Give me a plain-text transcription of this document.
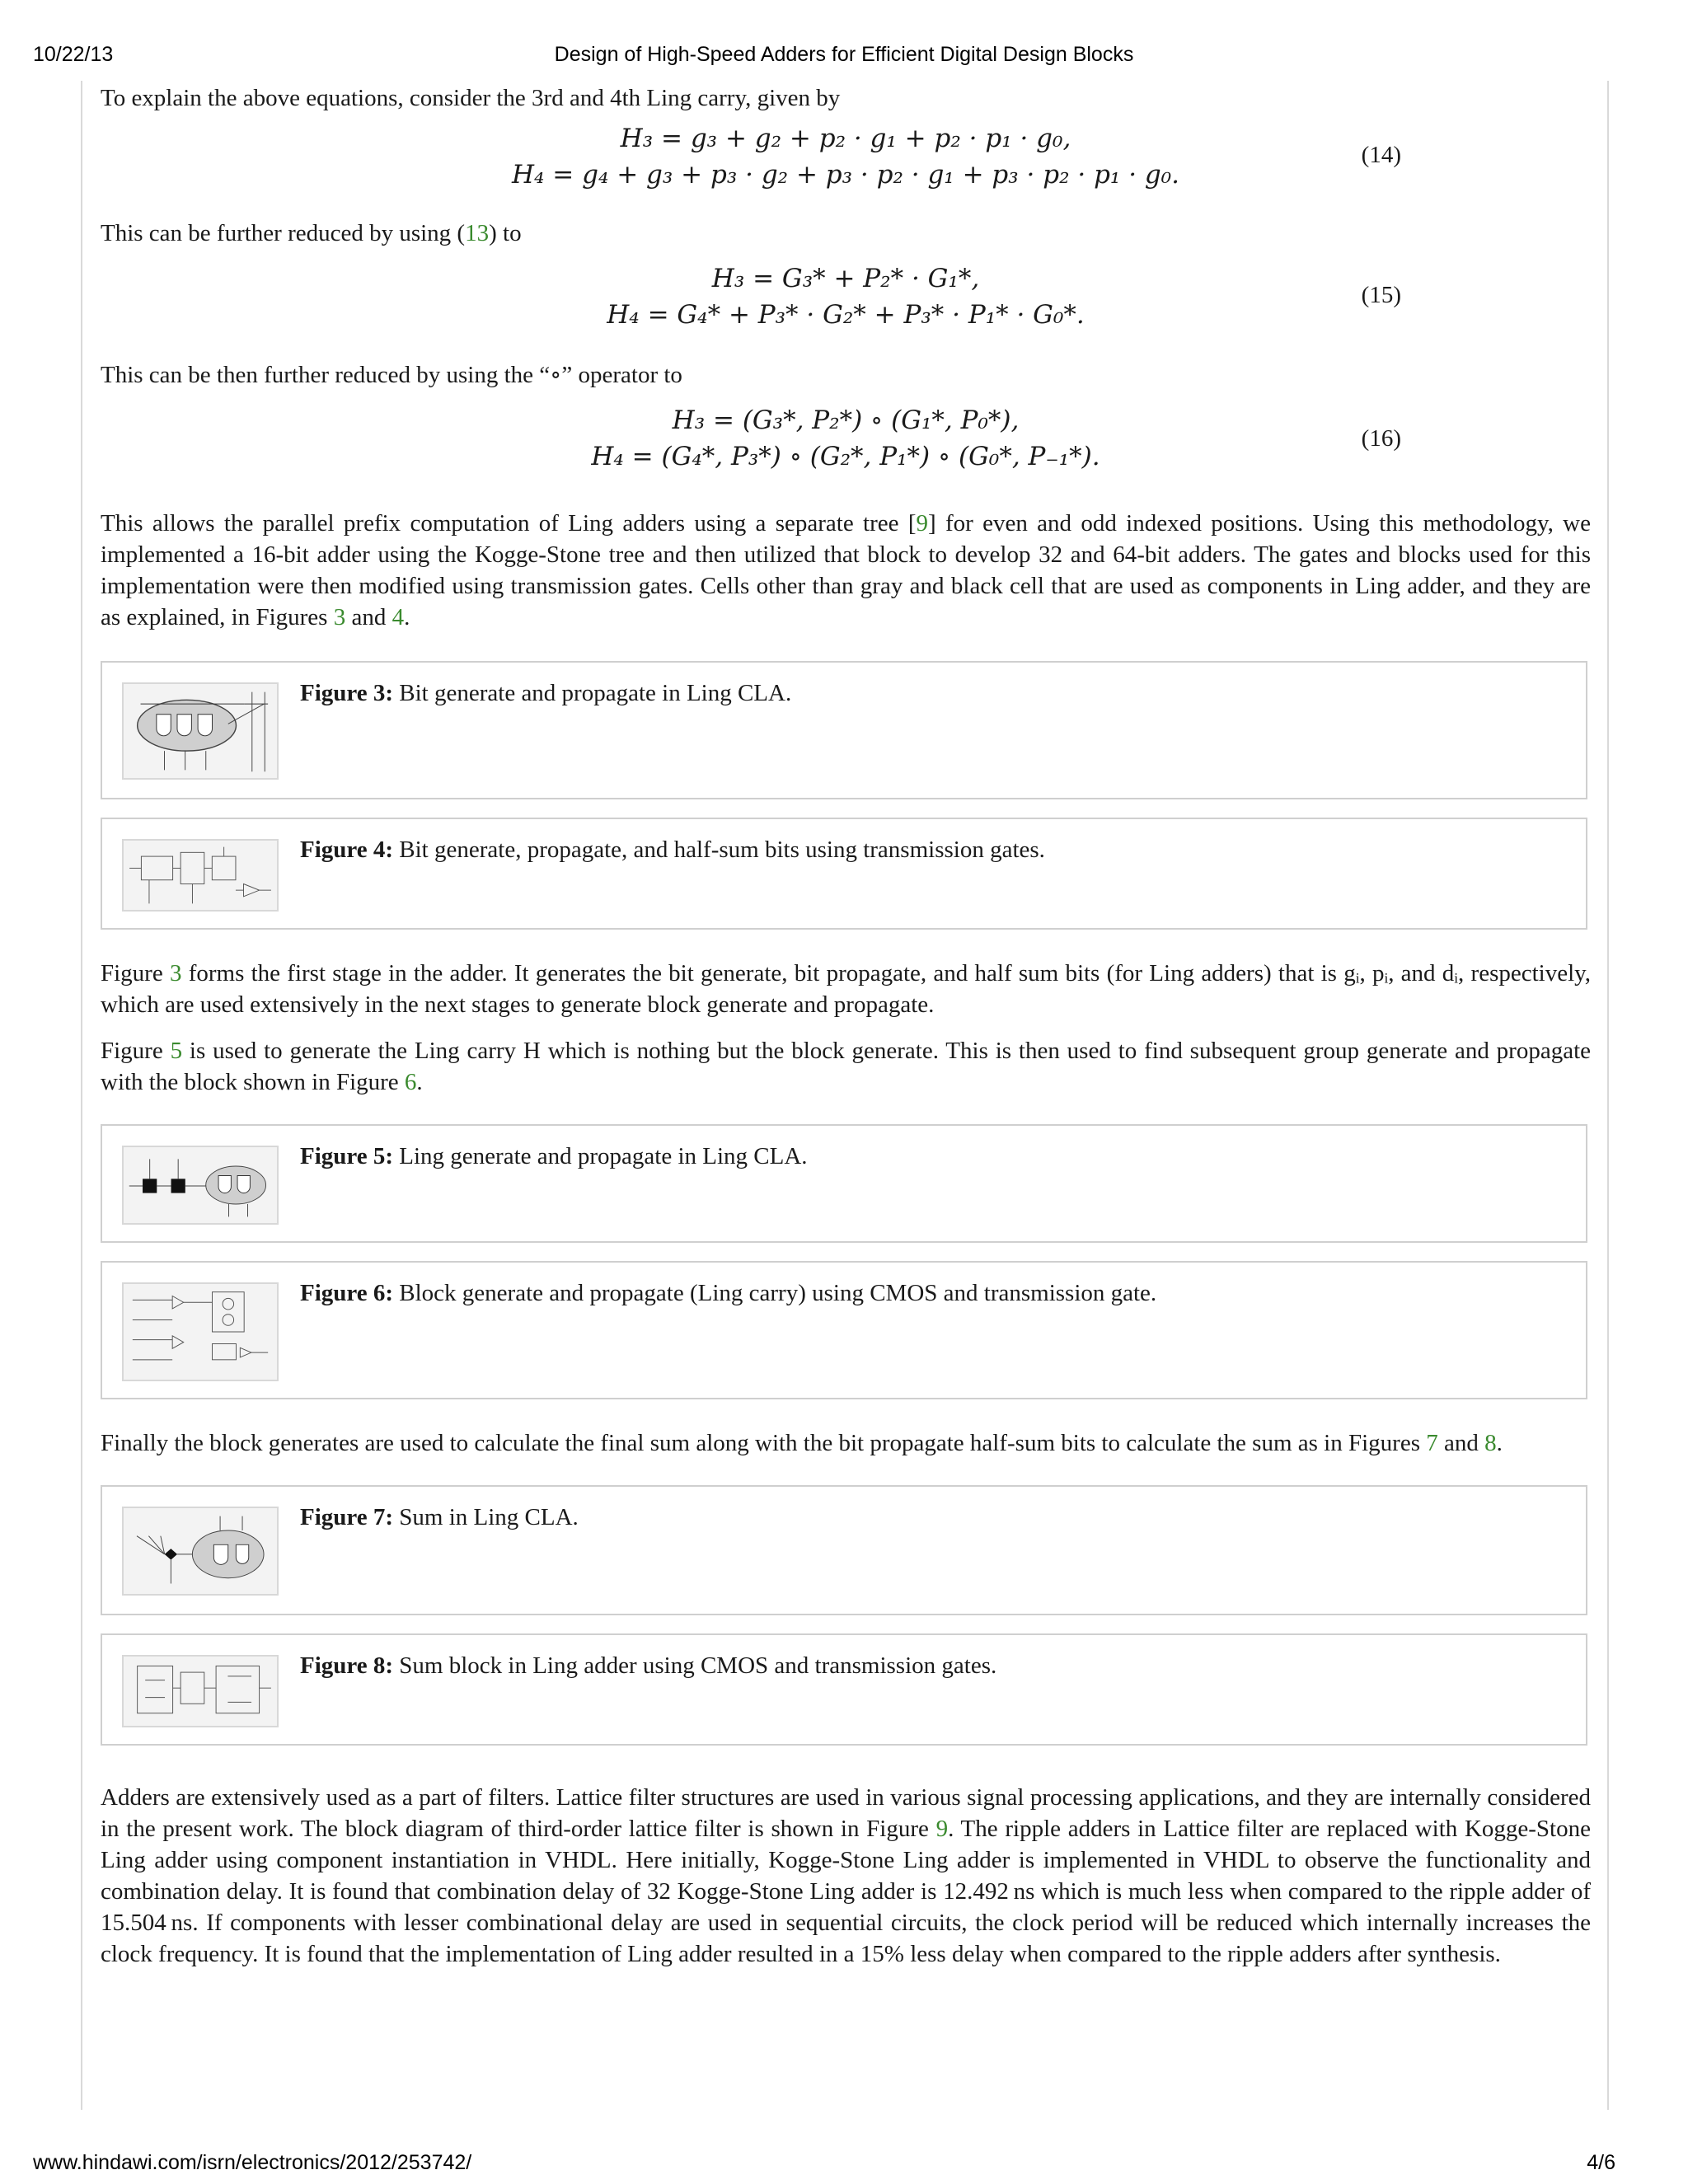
10/22/13	Design of High-Speed Adders for Efficient Digital Design Blocks

To explain the above equations, consider the 3rd and 4th Ling carry, given by

H₃ = g₃ + g₂ + p₂ · g₁ + p₂ · p₁ · g₀,
H₄ = g₄ + g₃ + p₃ · g₂ + p₃ · p₂ · g₁ + p₃ · p₂ · p₁ · g₀.
(14)

This can be further reduced by using (13) to

H₃ = G₃* + P₂* · G₁*,
H₄ = G₄* + P₃* · G₂* + P₃* · P₁* · G₀*.
(15)

This can be then further reduced by using the “∘” operator to

H₃ = (G₃*, P₂*) ∘ (G₁*, P₀*),
H₄ = (G₄*, P₃*) ∘ (G₂*, P₁*) ∘ (G₀*, P₋₁*).
(16)

This allows the parallel prefix computation of Ling adders using a separate tree [9] for even and odd indexed positions. Using this methodology, we implemented a 16-bit adder using the Kogge-Stone tree and then utilized that block to develop 32 and 64-bit adders. The gates and blocks used for this implementation were then modified using transmission gates. Cells other than gray and black cell that are used as components in Ling adder, and they are as explained, in Figures 3 and 4.

Figure 3: Bit generate and propagate in Ling CLA.
Figure 4: Bit generate, propagate, and half-sum bits using transmission gates.

Figure 3 forms the first stage in the adder. It generates the bit generate, bit propagate, and half sum bits (for Ling adders) that is gᵢ, pᵢ, and dᵢ, respectively, which are used extensively in the next stages to generate block generate and propagate.

Figure 5 is used to generate the Ling carry H which is nothing but the block generate. This is then used to find subsequent group generate and propagate with the block shown in Figure 6.

Figure 5: Ling generate and propagate in Ling CLA.
Figure 6: Block generate and propagate (Ling carry) using CMOS and transmission gate.

Finally the block generates are used to calculate the final sum along with the bit propagate half-sum bits to calculate the sum as in Figures 7 and 8.

Figure 7: Sum in Ling CLA.
Figure 8: Sum block in Ling adder using CMOS and transmission gates.

Adders are extensively used as a part of filters. Lattice filter structures are used in various signal processing applications, and they are internally considered in the present work. The block diagram of third-order lattice filter is shown in Figure 9. The ripple adders in Lattice filter are replaced with Kogge-Stone Ling adder using component instantiation in VHDL. Here initially, Kogge-Stone Ling adder is implemented in VHDL to observe the functionality and combination delay. It is found that combination delay of 32 Kogge-Stone Ling adder is 12.492 ns which is much less when compared to the ripple adder of 15.504 ns. If components with lesser combinational delay are used in sequential circuits, the clock period will be reduced which internally increases the clock frequency. It is found that the implementation of Ling adder resulted in a 15% less delay when compared to the ripple adders after synthesis.

www.hindawi.com/isrn/electronics/2012/253742/	4/6
